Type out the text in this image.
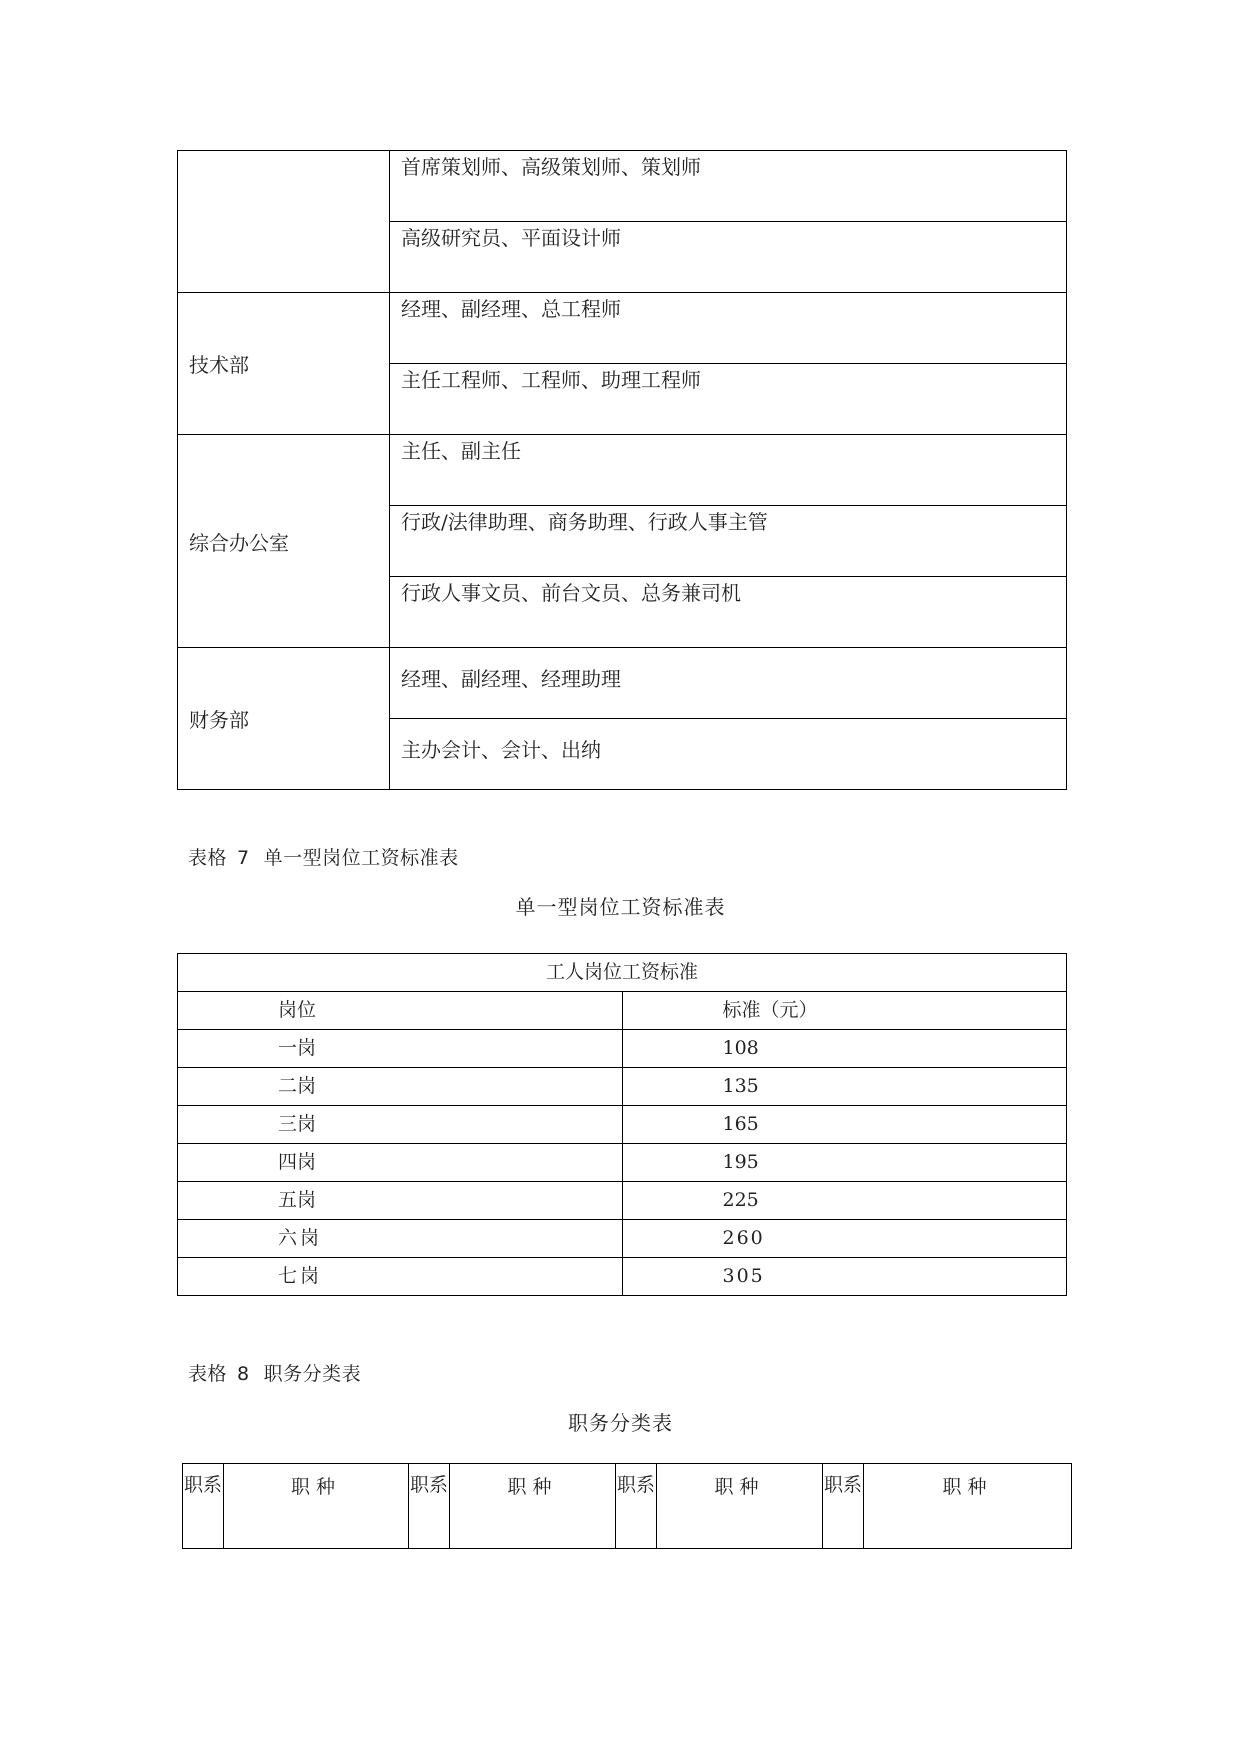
	首席策划师、高级策划师、策划师
	高级研究员、平面设计师
技术部	经理、副经理、总工程师
	主任工程师、工程师、助理工程师
综合办公室	主任、副主任
	行政/法律助理、商务助理、行政人事主管
	行政人事文员、前台文员、总务兼司机
财务部	经理、副经理、经理助理
	主办会计、会计、出纳
表格 7 单一型岗位工资标准表
单一型岗位工资标准表
工人岗位工资标准	
岗位	标准（元）
一岗	108
二岗	135
三岗	165
四岗	195
五岗	225
六岗	260
七岗	305
表格 8 职务分类表
职务分类表
职系	职种	职系	职种	职系	职种	职系	职种
